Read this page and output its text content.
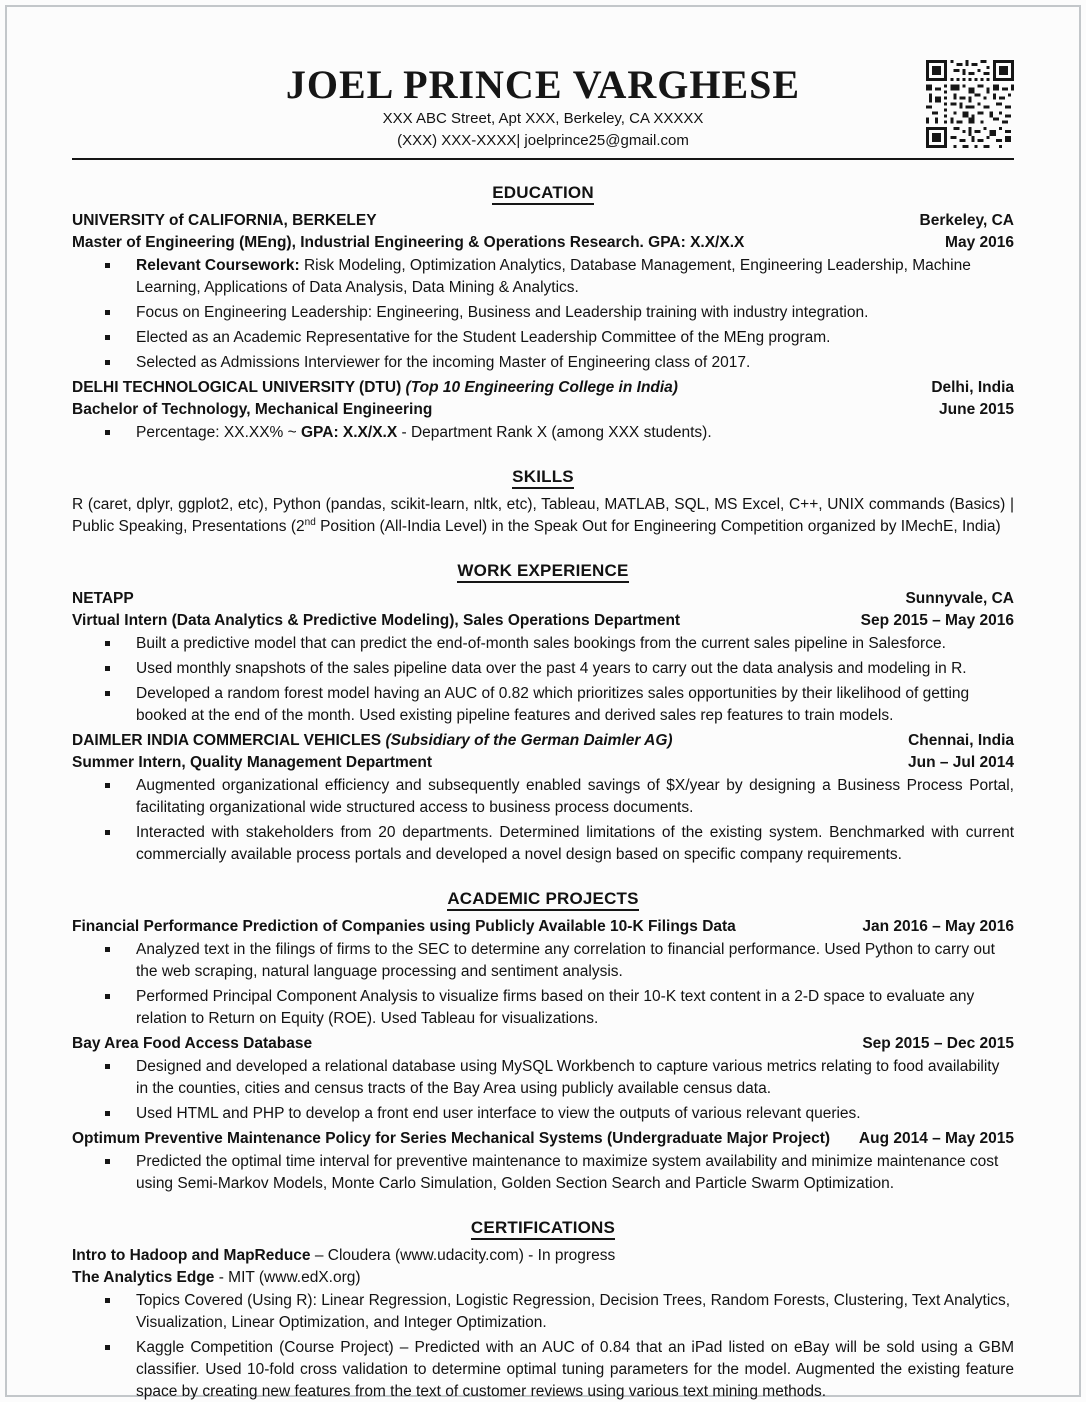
JOEL PRINCE VARGHESE
XXX ABC Street, Apt XXX, Berkeley, CA XXXXX
(XXX) XXX-XXXX| joelprince25@gmail.com
EDUCATION
UNIVERSITY of CALIFORNIA, BERKELEY	Berkeley, CA
Master of Engineering (MEng), Industrial Engineering & Operations Research. GPA: X.X/X.X	May 2016
Relevant Coursework: Risk Modeling, Optimization Analytics, Database Management, Engineering Leadership, Machine Learning, Applications of Data Analysis, Data Mining & Analytics.
Focus on Engineering Leadership: Engineering, Business and Leadership training with industry integration.
Elected as an Academic Representative for the Student Leadership Committee of the MEng program.
Selected as Admissions Interviewer for the incoming Master of Engineering class of 2017.
DELHI TECHNOLOGICAL UNIVERSITY (DTU) (Top 10 Engineering College in India)	Delhi, India
Bachelor of Technology, Mechanical Engineering	June 2015
Percentage: XX.XX% ~ GPA: X.X/X.X - Department Rank X (among XXX students).
SKILLS

R (caret, dplyr, ggplot2, etc), Python (pandas, scikit-learn, nltk, etc), Tableau, MATLAB, SQL, MS Excel, C++, UNIX commands (Basics) | Public Speaking, Presentations (2nd Position (All-India Level) in the Speak Out for Engineering Competition organized by IMechE, India)

WORK EXPERIENCE
NETAPP	Sunnyvale, CA
Virtual Intern (Data Analytics & Predictive Modeling), Sales Operations Department	Sep 2015 – May 2016
Built a predictive model that can predict the end-of-month sales bookings from the current sales pipeline in Salesforce.
Used monthly snapshots of the sales pipeline data over the past 4 years to carry out the data analysis and modeling in R.
Developed a random forest model having an AUC of 0.82 which prioritizes sales opportunities by their likelihood of getting booked at the end of the month. Used existing pipeline features and derived sales rep features to train models.
DAIMLER INDIA COMMERCIAL VEHICLES (Subsidiary of the German Daimler AG)	Chennai, India
Summer Intern, Quality Management Department	Jun – Jul 2014
Augmented organizational efficiency and subsequently enabled savings of $X/year by designing a Business Process Portal, facilitating organizational wide structured access to business process documents.
Interacted with stakeholders from 20 departments. Determined limitations of the existing system. Benchmarked with current commercially available process portals and developed a novel design based on specific company requirements.
ACADEMIC PROJECTS
Financial Performance Prediction of Companies using Publicly Available 10-K Filings Data	Jan 2016 – May 2016
Analyzed text in the filings of firms to the SEC to determine any correlation to financial performance. Used Python to carry out the web scraping, natural language processing and sentiment analysis.
Performed Principal Component Analysis to visualize firms based on their 10-K text content in a 2-D space to evaluate any relation to Return on Equity (ROE). Used Tableau for visualizations.
Bay Area Food Access Database	Sep 2015 – Dec 2015
Designed and developed a relational database using MySQL Workbench to capture various metrics relating to food availability in the counties, cities and census tracts of the Bay Area using publicly available census data.
Used HTML and PHP to develop a front end user interface to view the outputs of various relevant queries.
Optimum Preventive Maintenance Policy for Series Mechanical Systems (Undergraduate Major Project) Aug 2014 – May 2015
Predicted the optimal time interval for preventive maintenance to maximize system availability and minimize maintenance cost using Semi-Markov Models, Monte Carlo Simulation, Golden Section Search and Particle Swarm Optimization.
CERTIFICATIONS
Intro to Hadoop and MapReduce – Cloudera (www.udacity.com) - In progress
The Analytics Edge - MIT (www.edX.org)
Topics Covered (Using R): Linear Regression, Logistic Regression, Decision Trees, Random Forests, Clustering, Text Analytics, Visualization, Linear Optimization, and Integer Optimization.
Kaggle Competition (Course Project) – Predicted with an AUC of 0.84 that an iPad listed on eBay will be sold using a GBM classifier. Used 10-fold cross validation to determine optimal tuning parameters for the model. Augmented the existing feature space by creating new features from the text of customer reviews using various text mining methods.
